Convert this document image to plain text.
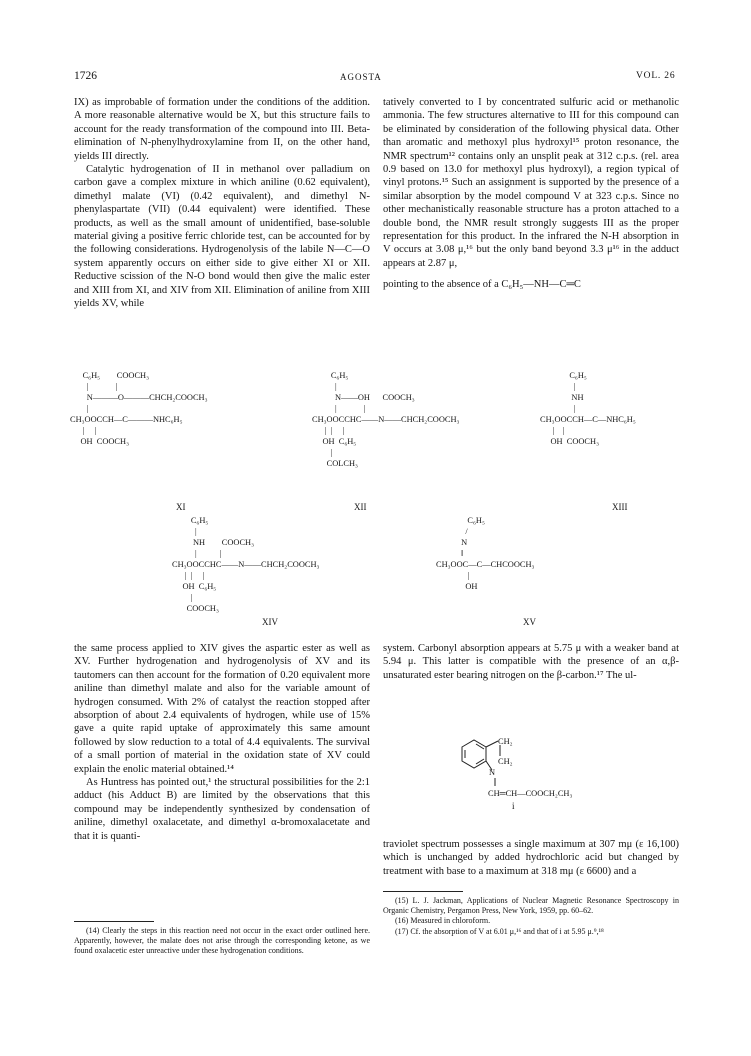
1726	AGOSTA	VOL. 26

IX) as improbable of formation under the conditions of the addition. A more reasonable alternative would be X, but this structure fails to account for the ready transformation of the compound into III. Beta-elimination of N-phenylhydroxylamine from II, on the other hand, yields III directly.

Catalytic hydrogenation of II in methanol over palladium on carbon gave a complex mixture in which aniline (0.62 equivalent), dimethyl malate (VI) (0.42 equivalent), and dimethyl N-phenylaspartate (VII) (0.44 equivalent) were identified. These products, as well as the small amount of unidentified, base-soluble material giving a positive ferric chloride test, can be accounted for by the following considerations. Hydrogenolysis of the labile N—C—O system apparently occurs on either side to give either XI or XII. Reductive scission of the N-O bond would then give the malic ester and XIII from XI, and XIV from XII. Elimination of aniline from XIII yields XV, while

tatively converted to I by concentrated sulfuric acid or methanolic ammonia. The few structures alternative to III for this compound can be eliminated by consideration of the following physical data. Other than aromatic and methoxyl plus hydroxyl¹⁵ proton resonance, the NMR spectrum¹² contains only an unsplit peak at 312 c.p.s. (rel. area 0.9 based on 13.0 for methoxyl plus hydroxyl), a region typical of vinyl protons.¹⁵ Such an assignment is supported by the presence of a similar absorption by the model compound V at 323 c.p.s. Since no other mechanistically reasonable structure has a proton attached to a double bond, the NMR result strongly suggests III as the proper representation for this product. In the infrared the N-H absorption in V occurs at 3.08 μ,¹⁶ but the only band beyond 3.3 μ¹⁶ in the adduct appears at 2.87 μ,

pointing to the absence of a C₆H₅—NH—C═C

C₆H₅        COOCH₃
|             |
N———O———CHCH₂COOCH₃
|
CH₃OOCCH—C———NHC₆H₅
|     |
OH  COOCH₃
XI
C₆H₅
|
N——OH      COOCH₃
|             |
CH₃OOCCHC——N——CHCH₂COOCH₃
|  |     |
OH  C₆H₅
|
COLCH₃
XII
C₆H₅
|
NH
|
CH₃OOCCH—C—NHC₆H₅
|    |
OH  COOCH₃
XIII
C₆H₅
|
NH        COOCH₃
|           |
CH₃OOCCHC——N——CHCH₂COOCH₃
|  |     |
OH  C₆H₅
|
COOCH₃
XIV
C₆H₅
/
N
‖
CH₃OOC—C—CHCOOCH₃
|
OH
XV

the same process applied to XIV gives the aspartic ester as well as XV. Further hydrogenation and hydrogenolysis of XV and its tautomers can then account for the formation of 0.20 equivalent more aniline than dimethyl malate and also for the variable amount of hydrogen consumed. With 2% of catalyst the reaction stopped after absorption of about 2.4 equivalents of hydrogen, while use of 15% gave a quite rapid uptake of approximately this same amount followed by slow reduction to a total of 4.4 equivalents. The survival of a small portion of material in the oxidation state of XV could explain the enolic material obtained.¹⁴

As Huntress has pointed out,¹ the structural possibilities for the 2:1 adduct (his Adduct B) are limited by the observations that this compound may be independently synthesized by condensation of aniline, dimethyl oxalacetate, and dimethyl α-bromoxalacetate and that it is quanti-

system. Carbonyl absorption appears at 5.75 μ with a weaker band at 5.94 μ. This latter is compatible with the presence of an α,β-unsaturated ester bearing nitrogen on the β-carbon.¹⁷ The ul-

CH₂
CH₂
N
CH═CH—COOCH₂CH₃
i

traviolet spectrum possesses a single maximum at 307 mμ (ε 16,100) which is unchanged by added hydrochloric acid but changed by treatment with base to a maximum at 318 mμ (ε 6600) and a

(14) Clearly the steps in this reaction need not occur in the exact order outlined here. Apparently, however, the malate does not arise through the corresponding ketone, as we found oxalacetic ester unreactive under these hydrogenation conditions.

(15) L. J. Jackman, Applications of Nuclear Magnetic Resonance Spectroscopy in Organic Chemistry, Pergamon Press, New York, 1959, pp. 60–62.

(16) Measured in chloroform.

(17) Cf. the absorption of V at 6.01 μ,¹⁶ and that of i at 5.95 μ.⁹,¹⁸
